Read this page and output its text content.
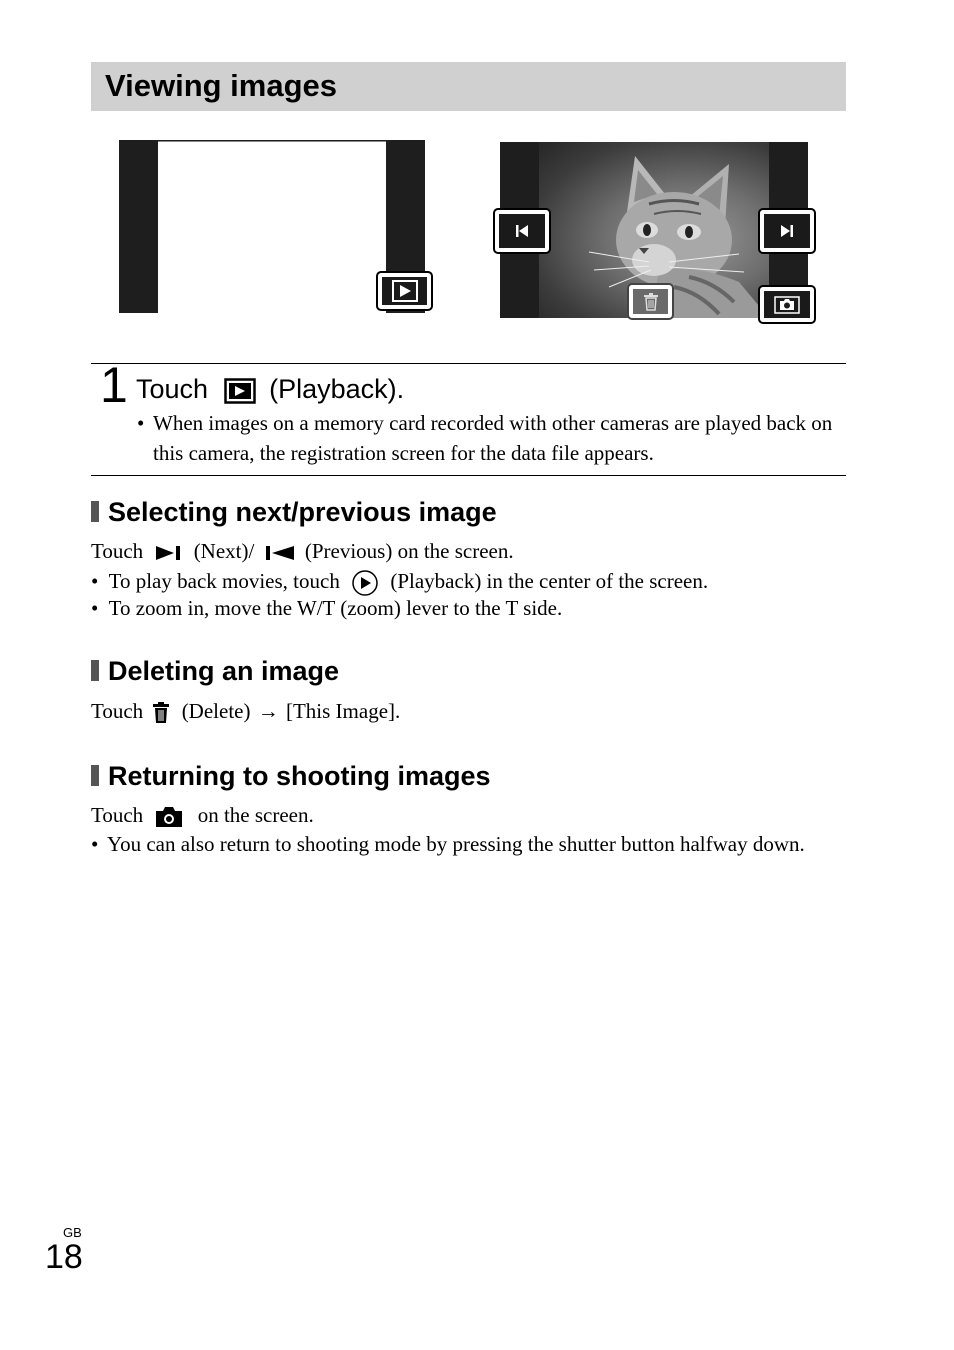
Viewing images
1 Touch (Playback).
• When images on a memory card recorded with other cameras are played back on this camera, the registration screen for the data file appears.
Selecting next/previous image
Touch (Next)/ (Previous) on the screen.
• To play back movies, touch (Playback) in the center of the screen.
• To zoom in, move the W/T (zoom) lever to the T side.
Deleting an image
Touch (Delete) → [This Image].
Returning to shooting images
Touch	on the screen.
• You can also return to shooting mode by pressing the shutter button halfway down.
GB
18
